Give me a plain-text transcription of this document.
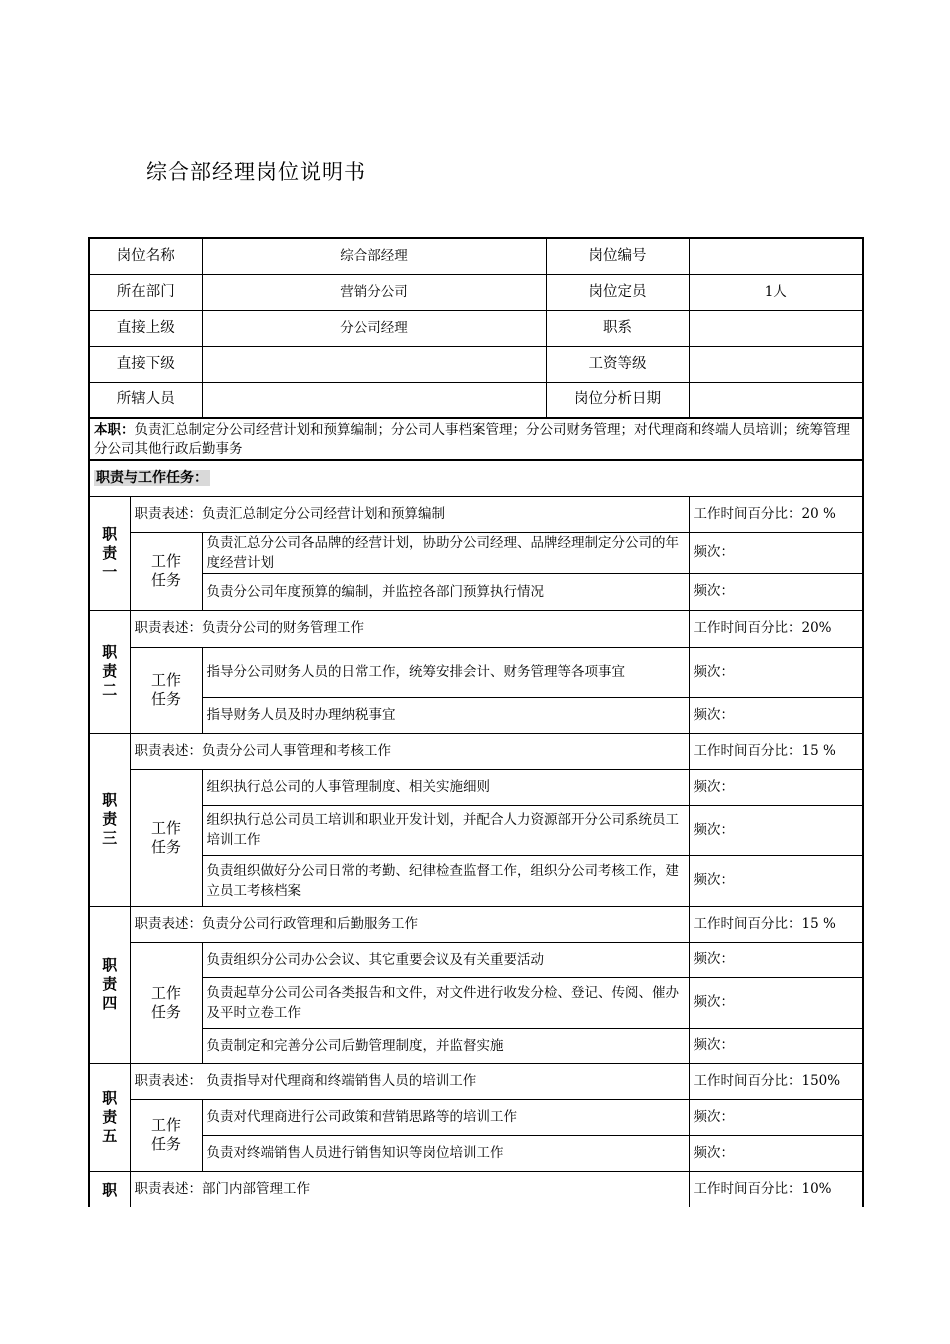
综合部经理岗位说明书
岗位名称		综合部经理	岗位编号	
所在部门		营销分公司	岗位定员	1人
直接上级		分公司经理	职系	
直接下级			工资等级	
所辖人员			岗位分析日期	
本职：负责汇总制定分公司经营计划和预算编制；分公司人事档案管理；分公司财务管理；对代理商和终端人员培训；统筹管理分公司其他行政后勤事务				
职责与工作任务：				
职责一	职责表述：负责汇总制定分公司经营计划和预算编制			工作时间百分比：20 %
	工作任务	负责汇总分公司各品牌的经营计划，协助分公司经理、品牌经理制定分公司的年度经营计划		频次：
		负责分公司年度预算的编制，并监控各部门预算执行情况		频次：
职责二	职责表述：负责分公司的财务管理工作			工作时间百分比：20%
	工作任务	指导分公司财务人员的日常工作，统筹安排会计、财务管理等各项事宜		频次：
		指导财务人员及时办理纳税事宜		频次：
职责三	职责表述：负责分公司人事管理和考核工作			工作时间百分比：15 %
	工作任务	组织执行总公司的人事管理制度、相关实施细则		频次：
		组织执行总公司员工培训和职业开发计划，并配合人力资源部开分公司系统员工培训工作		频次：
		负责组织做好分公司日常的考勤、纪律检查监督工作，组织分公司考核工作，建立员工考核档案		频次：
职责四	职责表述：负责分公司行政管理和后勤服务工作			工作时间百分比：15 %
	工作任务	负责组织分公司办公会议、其它重要会议及有关重要活动		频次：
		负责起草分公司公司各类报告和文件，对文件进行收发分检、登记、传阅、催办及平时立卷工作		频次：
		负责制定和完善分公司后勤管理制度，并监督实施		频次：
职责五	职责表述： 负责指导对代理商和终端销售人员的培训工作			工作时间百分比：150%
	工作任务	负责对代理商进行公司政策和营销思路等的培训工作		频次：
		负责对终端销售人员进行销售知识等岗位培训工作		频次：
职	职责表述：部门内部管理工作			工作时间百分比：10%
